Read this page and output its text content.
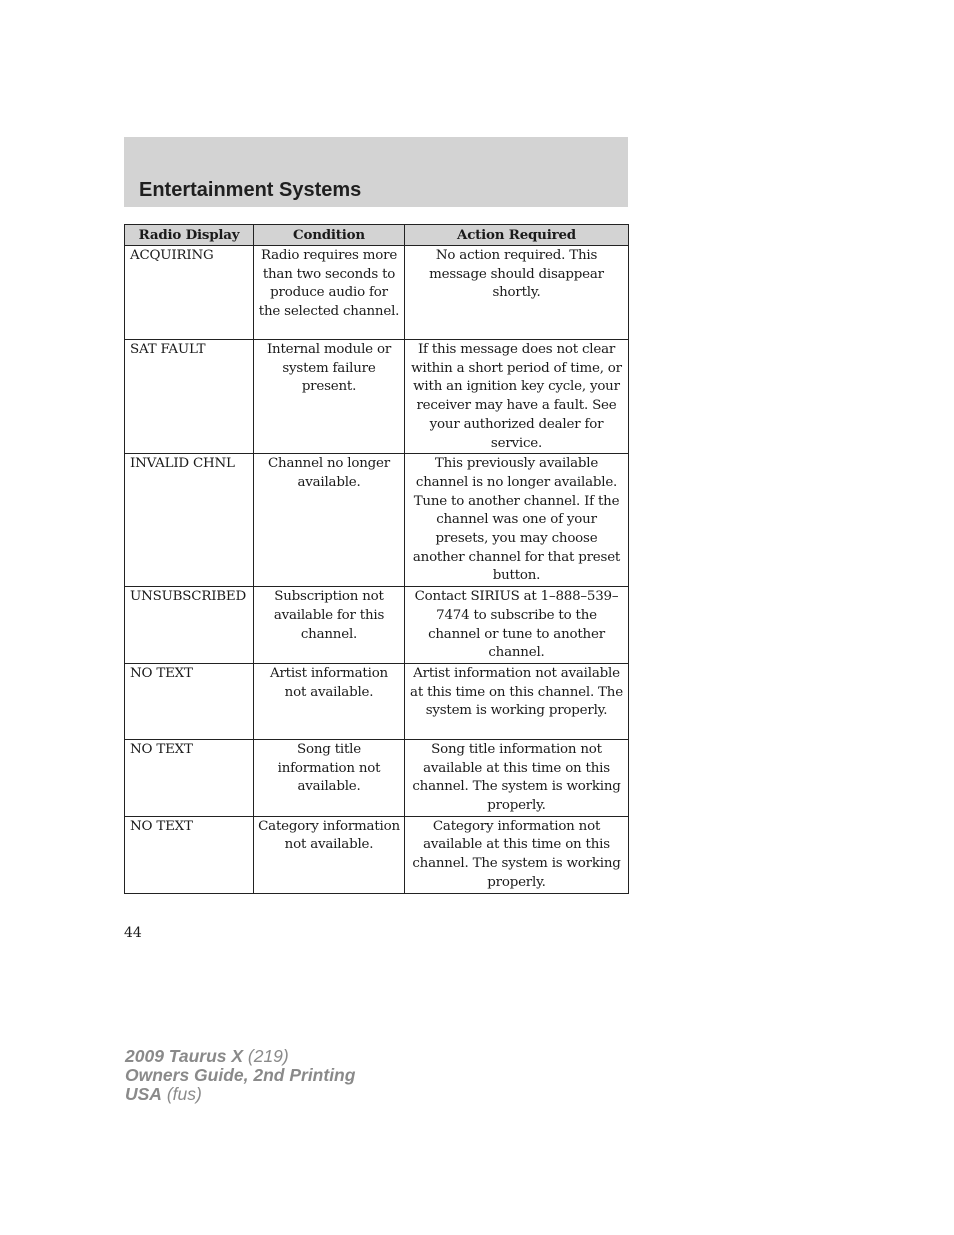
Entertainment Systems
Radio Display	Condition	Action Required
ACQUIRING	Radio requires more than two seconds to produce audio for the selected channel.	No action required. This message should disappear shortly.
SAT FAULT	Internal module or system failure present.	If this message does not clear within a short period of time, or with an ignition key cycle, your receiver may have a fault. See your authorized dealer for service.
INVALID CHNL	Channel no longer available.	This previously available channel is no longer available. Tune to another channel. If the channel was one of your presets, you may choose another channel for that preset button.
UNSUBSCRIBED	Subscription not available for this channel.	Contact SIRIUS at 1–888–539–7474 to subscribe to the channel or tune to another channel.
NO TEXT	Artist information not available.	Artist information not available at this time on this channel. The system is working properly.
NO TEXT	Song title information not available.	Song title information not available at this time on this channel. The system is working properly.
NO TEXT	Category information not available.	Category information not available at this time on this channel. The system is working properly.
44
2009 Taurus X (219)
Owners Guide, 2nd Printing
USA (fus)
